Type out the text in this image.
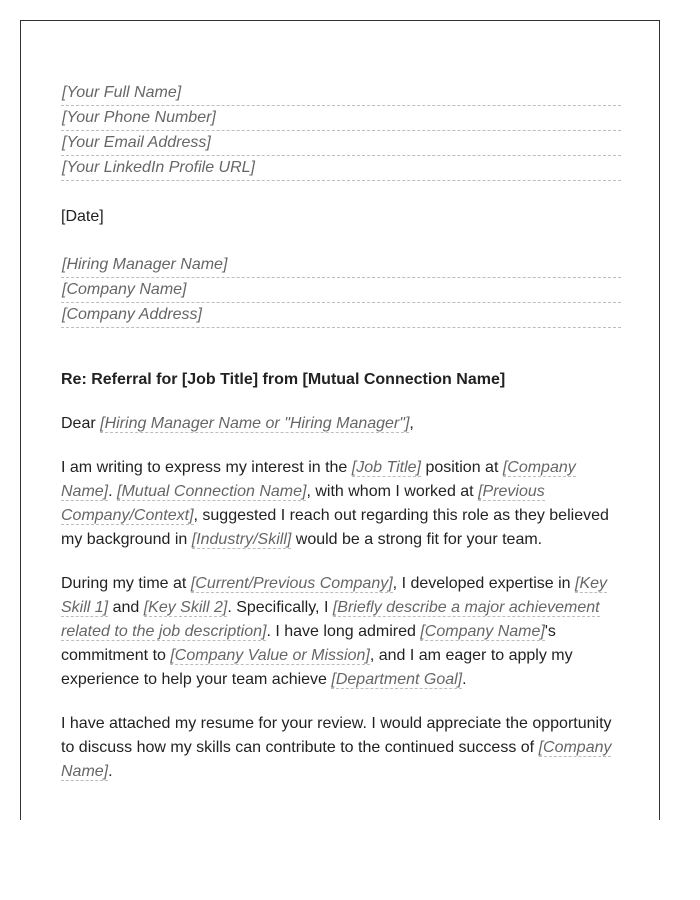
[Your Full Name]
[Your Phone Number]
[Your Email Address]
[Your LinkedIn Profile URL]
[Date]
[Hiring Manager Name]
[Company Name]
[Company Address]
Re: Referral for [Job Title] from [Mutual Connection Name]

Dear [Hiring Manager Name or "Hiring Manager"],

I am writing to express my interest in the [Job Title] position at [Company Name]. [Mutual Connection Name], with whom I worked at [Previous Company/Context], suggested I reach out regarding this role as they believed my background in [Industry/Skill] would be a strong fit for your team.

During my time at [Current/Previous Company], I developed expertise in [Key Skill 1] and [Key Skill 2]. Specifically, I [Briefly describe a major achievement related to the job description]. I have long admired [Company Name]'s commitment to [Company Value or Mission], and I am eager to apply my experience to help your team achieve [Department Goal].

I have attached my resume for your review. I would appreciate the opportunity to discuss how my skills can contribute to the continued success of [Company Name].
